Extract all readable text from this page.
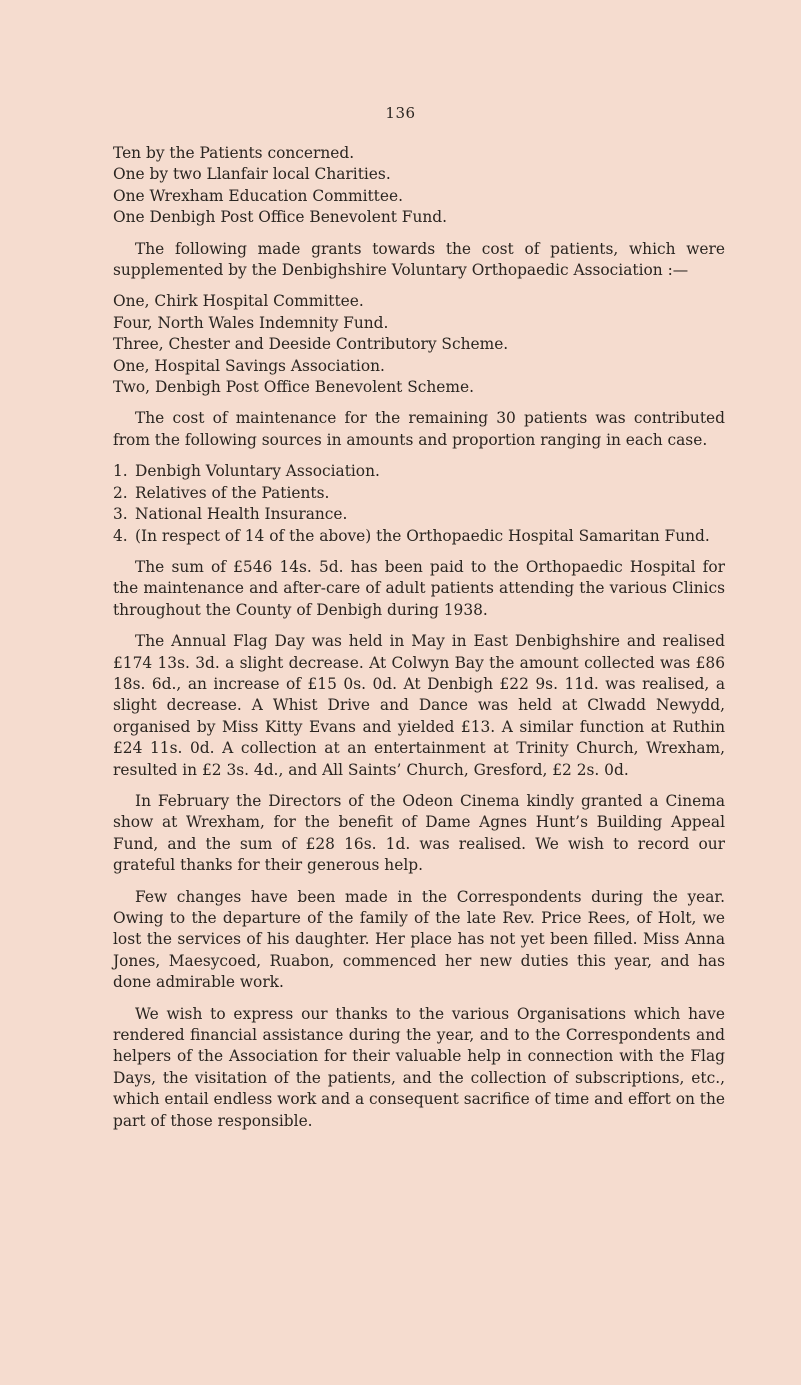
136

Ten by the Patients concerned.

One by two Llanfair local Charities.

One Wrexham Education Committee.

One Denbigh Post Office Benevolent Fund.

The following made grants towards the cost of patients, which were supplemented by the Denbighshire Voluntary Orthopaedic Association :—

One, Chirk Hospital Committee.

Four, North Wales Indemnity Fund.

Three, Chester and Deeside Contributory Scheme.

One, Hospital Savings Association.

Two, Denbigh Post Office Benevolent Scheme.

The cost of maintenance for the remaining 30 patients was contributed from the following sources in amounts and proportion ranging in each case.

1. Denbigh Voluntary Association.
2. Relatives of the Patients.
3. National Health Insurance.
4. (In respect of 14 of the above) the Orthopaedic Hospital Samaritan Fund.

The sum of £546 14s. 5d. has been paid to the Orthopaedic Hospital for the maintenance and after-care of adult patients attending the various Clinics throughout the County of Denbigh during 1938.

The Annual Flag Day was held in May in East Denbighshire and realised £174 13s. 3d. a slight decrease. At Colwyn Bay the amount collected was £86 18s. 6d., an increase of £15 0s. 0d. At Denbigh £22 9s. 11d. was realised, a slight decrease. A Whist Drive and Dance was held at Clwadd Newydd, organised by Miss Kitty Evans and yielded £13. A similar function at Ruthin £24 11s. 0d. A collection at an entertainment at Trinity Church, Wrexham, resulted in £2 3s. 4d., and All Saints’ Church, Gresford, £2 2s. 0d.

In February the Directors of the Odeon Cinema kindly granted a Cinema show at Wrexham, for the benefit of Dame Agnes Hunt’s Building Appeal Fund, and the sum of £28 16s. 1d. was realised. We wish to record our grateful thanks for their generous help.

Few changes have been made in the Correspondents during the year. Owing to the departure of the family of the late Rev. Price Rees, of Holt, we lost the services of his daughter. Her place has not yet been filled. Miss Anna Jones, Maesycoed, Ruabon, commenced her new duties this year, and has done admirable work.

We wish to express our thanks to the various Organisations which have rendered financial assistance during the year, and to the Correspondents and helpers of the Association for their valuable help in connection with the Flag Days, the visitation of the patients, and the collection of subscriptions, etc., which entail endless work and a consequent sacrifice of time and effort on the part of those responsible.
